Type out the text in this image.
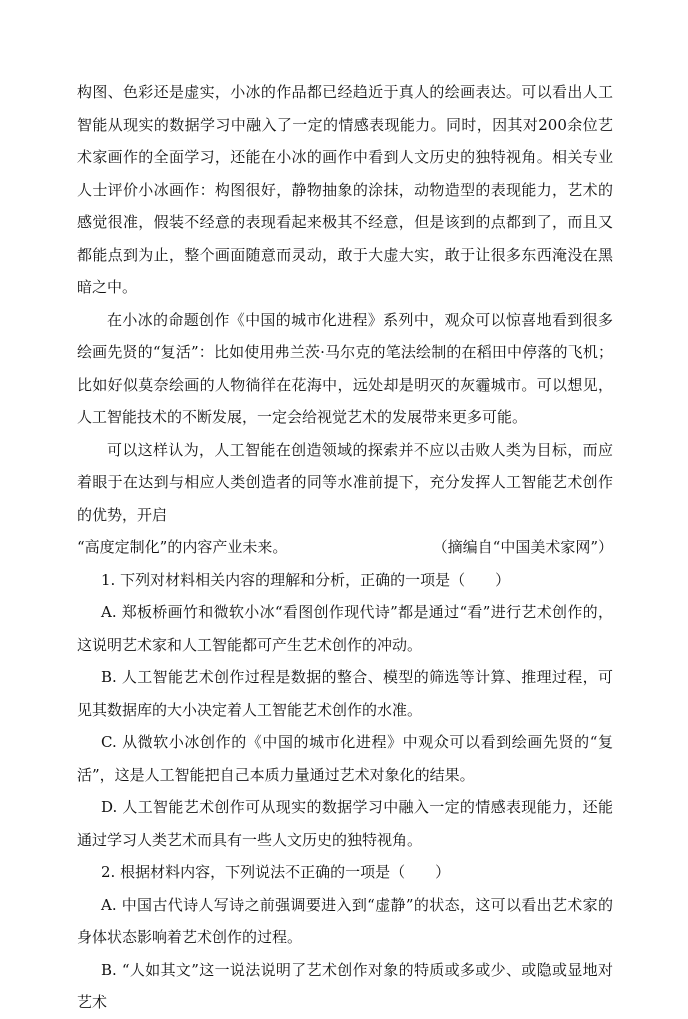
构图、色彩还是虚实，小冰的作品都已经趋近于真人的绘画表达。可以看出人工智能从现实的数据学习中融入了一定的情感表现能力。同时，因其对200余位艺术家画作的全面学习，还能在小冰的画作中看到人文历史的独特视角。相关专业人士评价小冰画作：构图很好，静物抽象的涂抹，动物造型的表现能力，艺术的感觉很准，假装不经意的表现看起来极其不经意，但是该到的点都到了，而且又都能点到为止，整个画面随意而灵动，敢于大虚大实，敢于让很多东西淹没在黑暗之中。

在小冰的命题创作《中国的城市化进程》系列中，观众可以惊喜地看到很多绘画先贤的“复活”：比如使用弗兰茨·马尔克的笔法绘制的在稻田中停落的飞机；比如好似莫奈绘画的人物徜徉在花海中，远处却是明灭的灰霾城市。可以想见，人工智能技术的不断发展，一定会给视觉艺术的发展带来更多可能。

可以这样认为，人工智能在创造领域的探索并不应以击败人类为目标，而应着眼于在达到与相应人类创造者的同等水准前提下，充分发挥人工智能艺术创作的优势，开启

“高度定制化”的内容产业未来。	（摘编自“中国美术家网”）

1. 下列对材料相关内容的理解和分析，正确的一项是（　　）

A. 郑板桥画竹和微软小冰“看图创作现代诗”都是通过“看”进行艺术创作的，这说明艺术家和人工智能都可产生艺术创作的冲动。

B. 人工智能艺术创作过程是数据的整合、模型的筛选等计算、推理过程，可见其数据库的大小决定着人工智能艺术创作的水准。

C. 从微软小冰创作的《中国的城市化进程》中观众可以看到绘画先贤的“复活”，这是人工智能把自己本质力量通过艺术对象化的结果。

D. 人工智能艺术创作可从现实的数据学习中融入一定的情感表现能力，还能通过学习人类艺术而具有一些人文历史的独特视角。

2. 根据材料内容，下列说法不正确的一项是（　　）

A. 中国古代诗人写诗之前强调要进入到“虚静”的状态，这可以看出艺术家的身体状态影响着艺术创作的过程。

B. “人如其文”这一说法说明了艺术创作对象的特质或多或少、或隐或显地对艺术
